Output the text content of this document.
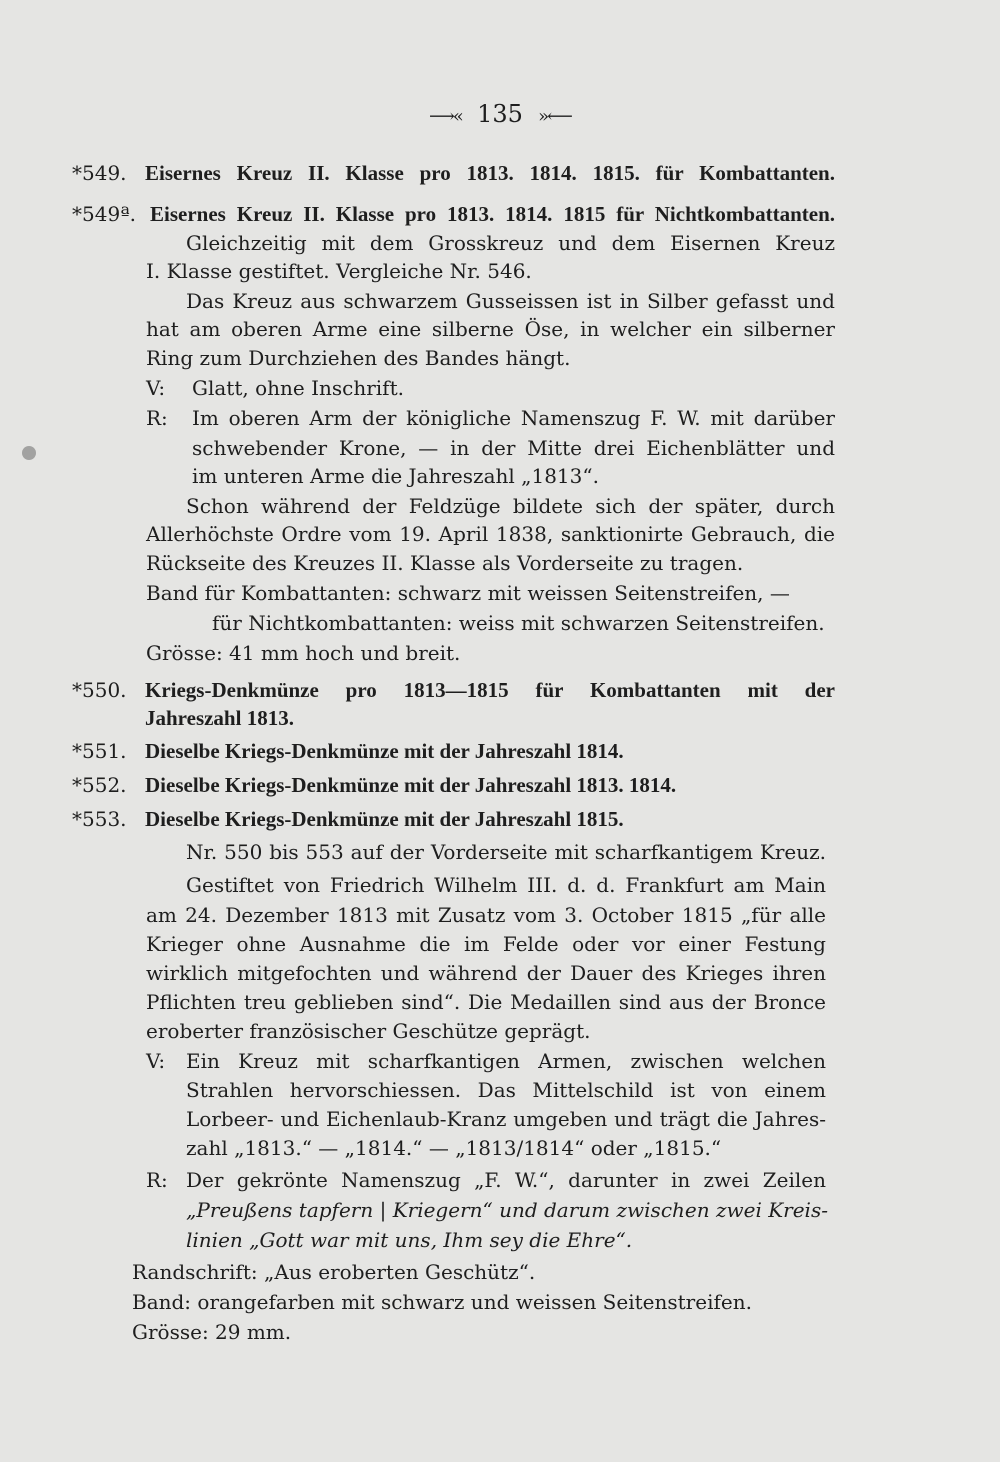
⟶« 135 »⟵
*549. Eisernes Kreuz II. Klasse pro 1813. 1814. 1815. für Kombattanten.
*549ª. Eisernes Kreuz II. Klasse pro 1813. 1814. 1815 für Nichtkombattanten.
Gleichzeitig mit dem Grosskreuz und dem Eisernen Kreuz
I. Klasse gestiftet. Vergleiche Nr. 546.
Das Kreuz aus schwarzem Gusseissen ist in Silber gefasst und
hat am oberen Arme eine silberne Öse, in welcher ein silberner
Ring zum Durchziehen des Bandes hängt.
V: Glatt, ohne Inschrift.
R: Im oberen Arm der königliche Namenszug F. W. mit darüber
schwebender Krone, — in der Mitte drei Eichenblätter und
im unteren Arme die Jahreszahl „1813“.
Schon während der Feldzüge bildete sich der später, durch
Allerhöchste Ordre vom 19. April 1838, sanktionirte Gebrauch, die
Rückseite des Kreuzes II. Klasse als Vorderseite zu tragen.
Band für Kombattanten: schwarz mit weissen Seitenstreifen, —
für Nichtkombattanten: weiss mit schwarzen Seitenstreifen.
Grösse: 41 mm hoch und breit.
*550. Kriegs-Denkmünze pro 1813—1815 für Kombattanten mit der
Jahreszahl 1813.
*551. Dieselbe Kriegs-Denkmünze mit der Jahreszahl 1814.
*552. Dieselbe Kriegs-Denkmünze mit der Jahreszahl 1813. 1814.
*553. Dieselbe Kriegs-Denkmünze mit der Jahreszahl 1815.
Nr. 550 bis 553 auf der Vorderseite mit scharfkantigem Kreuz.
Gestiftet von Friedrich Wilhelm III. d. d. Frankfurt am Main
am 24. Dezember 1813 mit Zusatz vom 3. October 1815 „für alle
Krieger ohne Ausnahme die im Felde oder vor einer Festung
wirklich mitgefochten und während der Dauer des Krieges ihren
Pflichten treu geblieben sind“. Die Medaillen sind aus der Bronce
eroberter französischer Geschütze geprägt.
V: Ein Kreuz mit scharfkantigen Armen, zwischen welchen
Strahlen hervorschiessen. Das Mittelschild ist von einem
Lorbeer- und Eichenlaub-Kranz umgeben und trägt die Jahres-
zahl „1813.“ — „1814.“ — „1813/1814“ oder „1815.“
R: Der gekrönte Namenszug „F. W.“, darunter in zwei Zeilen
„Preußens tapfern | Kriegern“ und darum zwischen zwei Kreis-
linien „Gott war mit uns, Ihm sey die Ehre“.
Randschrift: „Aus eroberten Geschütz“.
Band: orangefarben mit schwarz und weissen Seitenstreifen.
Grösse: 29 mm.
